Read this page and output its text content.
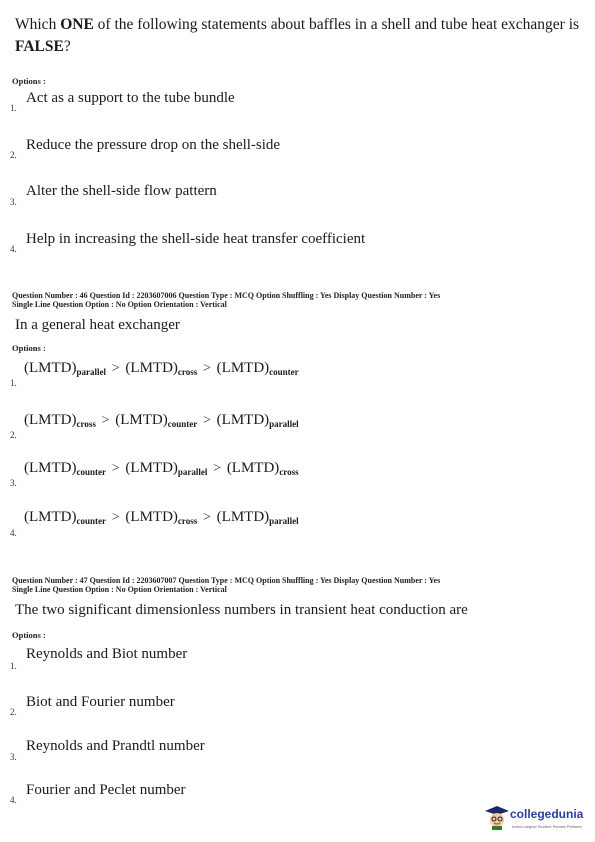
Which ONE of the following statements about baffles in a shell and tube heat exchanger is FALSE?
Options :
1.
Act as a support to the tube bundle
2.
Reduce the pressure drop on the shell-side
3.
Alter the shell-side flow pattern
4.
Help in increasing the shell-side heat transfer coefficient
Question Number : 46 Question Id : 2203607006 Question Type : MCQ Option Shuffling : Yes Display Question Number : Yes
Single Line Question Option : No Option Orientation : Vertical
In a general heat exchanger
Options :
1.
$(LMTD)_{parallel}$ > $(LMTD)_{cross}$ > $(LMTD)_{counter}$
2.
$(LMTD)_{cross}$ > $(LMTD)_{counter}$ > $(LMTD)_{parallel}$
3.
$(LMTD)_{counter}$ > $(LMTD)_{parallel}$ > $(LMTD)_{cross}$
4.
$(LMTD)_{counter}$ > $(LMTD)_{cross}$ > $(LMTD)_{parallel}$
Question Number : 47 Question Id : 2203607007 Question Type : MCQ Option Shuffling : Yes Display Question Number : Yes
Single Line Question Option : No Option Orientation : Vertical
The two significant dimensionless numbers in transient heat conduction are
Options :
1.
Reynolds and Biot number
2.
Biot and Fourier number
3.
Reynolds and Prandtl number
4.
Fourier and Peclet number
collegedunia
India's largest Student Review Platform
